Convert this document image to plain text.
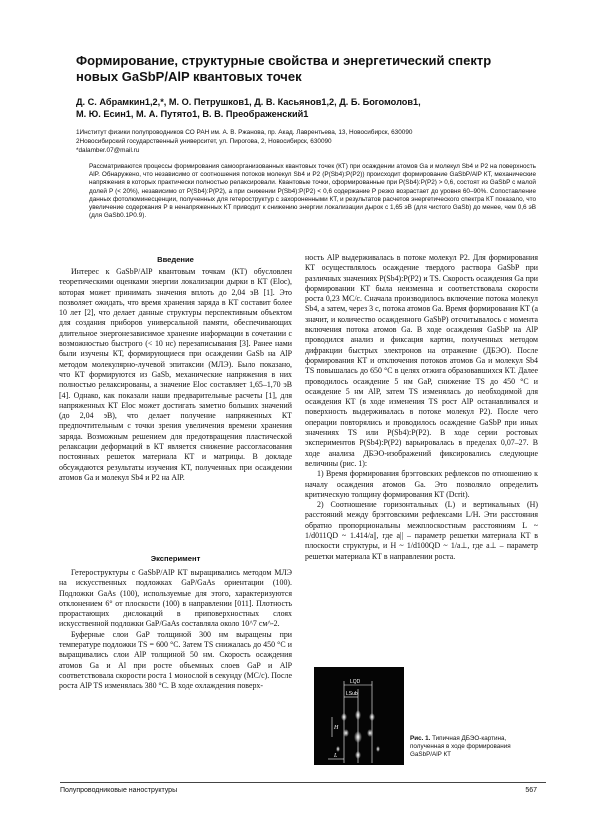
Формирование, структурные свойства и энергетический спектр новых GaSbP/AlP квантовых точек
Д. С. Абрамкин1,2,*, М. О. Петрушков1, Д. В. Касьянов1,2, Д. Б. Богомолов1,
М. Ю. Есин1, М. А. Путято1, В. В. Преображенский1
1Институт физики полупроводников СО РАН им. А. В. Ржанова, пр. Акад. Лаврентьева, 13, Новосибирск, 630090
2Новосибирский государственный университет, ул. Пирогова, 2, Новосибирск, 630090
*dalamber.07@mail.ru
Рассматриваются процессы формирования самоорганизованных квантовых точек (КТ) при осаждении атомов Ga и молекул Sb4 и P2 на поверхность AlP. Обнаружено, что независимо от соотношения потоков молекул Sb4 и P2 (P(Sb4):P(P2)) происходит формирование GaSbP/AlP КТ, механические напряжения в которых практически полностью релаксировали. Квантовые точки, сформированные при P(Sb4):P(P2) > 0,6, состоят из GaSbP с малой долей P (< 20%), независимо от P(Sb4):P(P2), а при снижении P(Sb4):P(P2) < 0,6 содержание P резко возрастает до уровня 60–90%. Сопоставление данных фотолюминесценции, полученных для гетероструктур с захороненными КТ, и результатов расчетов энергетического спектра КТ показало, что увеличение содержания P в ненапряженных КТ приводит к снижению энергии локализации дырок с 1,65 эВ (для чистого GaSb) до менее, чем 0,6 эВ (для GaSb0.1P0.9).
Введение

Интерес к GaSbP/AlP квантовым точкам (КТ) обусловлен теоретическими оценками энергии локализации дырки в КТ (Eloc), которая может принимать значения вплоть до 2,04 эВ [1]. Это позволяет ожидать, что время хранения заряда в КТ составит более 10 лет [2], что делает данные структуры перспективным объектом для создания приборов универсальной памяти, обеспечивающих длительное энергонезависимое хранение информации в сочетании с возможностью быстрого (< 10 нс) перезаписывания [3]. Ранее нами были изучены КТ, формирующиеся при осаждении GaSb на AlP методом молекулярно-лучевой эпитаксии (МЛЭ). Было показано, что КТ формируются из GaSb, механические напряжения в них полностью релаксированы, а значение Eloc составляет 1,65–1,70 эВ [4]. Однако, как показали наши предварительные расчеты [1], для напряженных КТ Eloc может достигать заметно больших значений (до 2,04 эВ), что делает получение напряженных КТ предпочтительным с точки зрения увеличения времени хранения заряда. Возможным решением для предотвращения пластической релаксации деформаций в КТ является снижение рассогласования постоянных решеток материала КТ и матрицы. В докладе обсуждаются результаты изучения КТ, полученных при осаждении атомов Ga и молекул Sb4 и P2 на AlP.

Эксперимент

Гетероструктуры с GaSbP/AlP КТ выращивались методом МЛЭ на искусственных подложках GaP/GaAs ориентации (100). Подложки GaAs (100), используемые для этого, характеризуются отклонением 6° от плоскости (100) в направлении [011]. Плотность прорастающих дислокаций в приповерхностных слоях искусственной подложки GaP/GaAs составляла около 10^7 см^-2.

Буферные слои GaP толщиной 300 нм выращены при температуре подложки TS = 600 °C. Затем TS снижалась до 450 °C и выращивались слои AlP толщиной 50 нм. Скорость осаждения атомов Ga и Al при росте объемных слоев GaP и AlP соответствовала скорости роста 1 монослой в секунду (МС/с). После роста AlP TS изменялась 380 °C. В ходе охлаждения поверх-

ность AlP выдерживалась в потоке молекул P2. Для формирования КТ осуществлялось осаждение твердого раствора GaSbP при различных значениях P(Sb4):P(P2) и TS. Скорость осаждения Ga при формировании КТ была неизменна и соответствовала скорости роста 0,23 МС/с. Сначала производилось включение потока молекул Sb4, а затем, через 3 с, потока атомов Ga. Время формирования КТ (а значит, и количество осажденного GaSbP) отсчитывалось с момента включения потока атомов Ga. В ходе осаждения GaSbP на AlP проводился анализ и фиксация картин, полученных методом дифракции быстрых электронов на отражение (ДБЭО). После формирования КТ и отключения потоков атомов Ga и молекул Sb4 TS повышалась до 650 °C в целях отжига образовавшихся КТ. Далее проводилось осаждение 5 нм GaP, снижение TS до 450 °C и осаждение 5 нм AlP, затем TS изменялась до необходимой для осаждения КТ (в ходе изменения TS рост AlP останавливался и поверхность выдерживалась в потоке молекул P2). После чего операции повторялись и проводилось осаждение GaSbP при иных значениях TS или P(Sb4):P(P2). В ходе серии ростовых экспериментов P(Sb4):P(P2) варьировалась в пределах 0,07–27. В ходе анализа ДБЭО-изображений фиксировались следующие величины (рис. 1):

1) Время формирования брэгговских рефлексов по отношению к началу осаждения атомов Ga. Это позволяло определить критическую толщину формирования КТ (Dcrit).

2) Соотношение горизонтальных (L) и вертикальных (H) расстояний между брэгговскими рефлексами L/H. Эти расстояния обратно пропорциональны межплоскостным расстояниям L ~ 1/d011QD ~ 1.414/a||, где a|| – параметр решетки материала КТ в плоскости структуры, и H ~ 1/d100QD ~ 1/a⊥, где a⊥ – параметр решетки материала КТ в направлении роста.

LQD
LSub
H
L
Рис. 1. Типичная ДБЭО-картина, полученная в ходе формирования GaSbP/AlP КТ
Полупроводниковые наноструктуры	567
